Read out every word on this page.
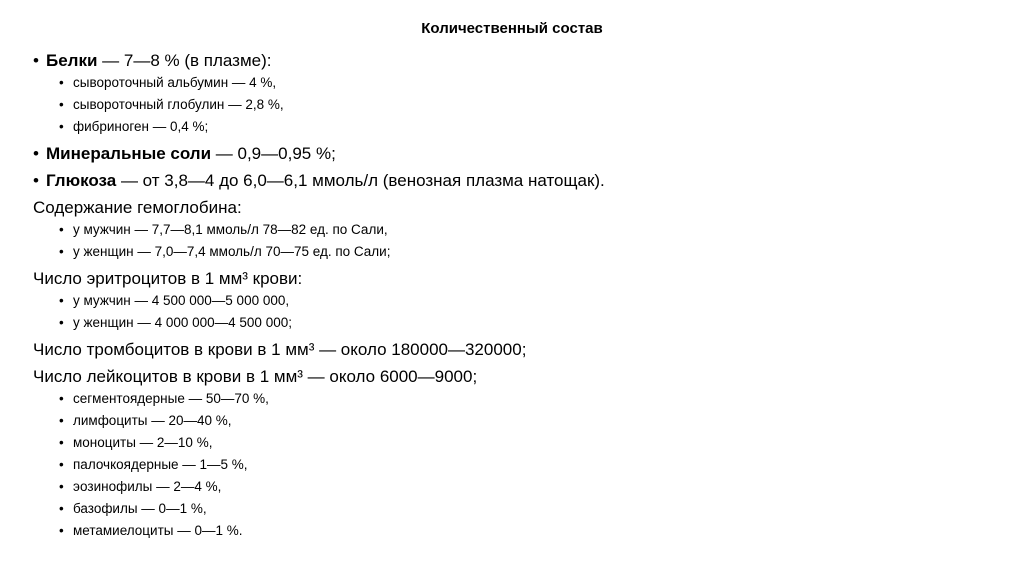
Количественный состав
• Белки — 7—8 % (в плазме):
• сывороточный альбумин — 4 %,
• сывороточный глобулин — 2,8 %,
• фибриноген — 0,4 %;
• Минеральные соли — 0,9—0,95 %;
• Глюкоза — от 3,8—4 до 6,0—6,1 ммоль/л (венозная плазма натощак).
Содержание гемоглобина:
• у мужчин — 7,7—8,1 ммоль/л 78—82 ед. по Сали,
• у женщин — 7,0—7,4 ммоль/л 70—75 ед. по Сали;
Число эритроцитов в 1 мм³ крови:
• у мужчин — 4 500 000—5 000 000,
• у женщин — 4 000 000—4 500 000;
Число тромбоцитов в крови в 1 мм³ — около 180000—320000;
Число лейкоцитов в крови в 1 мм³ — около 6000—9000;
• сегментоядерные — 50—70 %,
• лимфоциты — 20—40 %,
• моноциты — 2—10 %,
• палочкоядерные — 1—5 %,
• эозинофилы — 2—4 %,
• базофилы — 0—1 %,
• метамиелоциты — 0—1 %.
